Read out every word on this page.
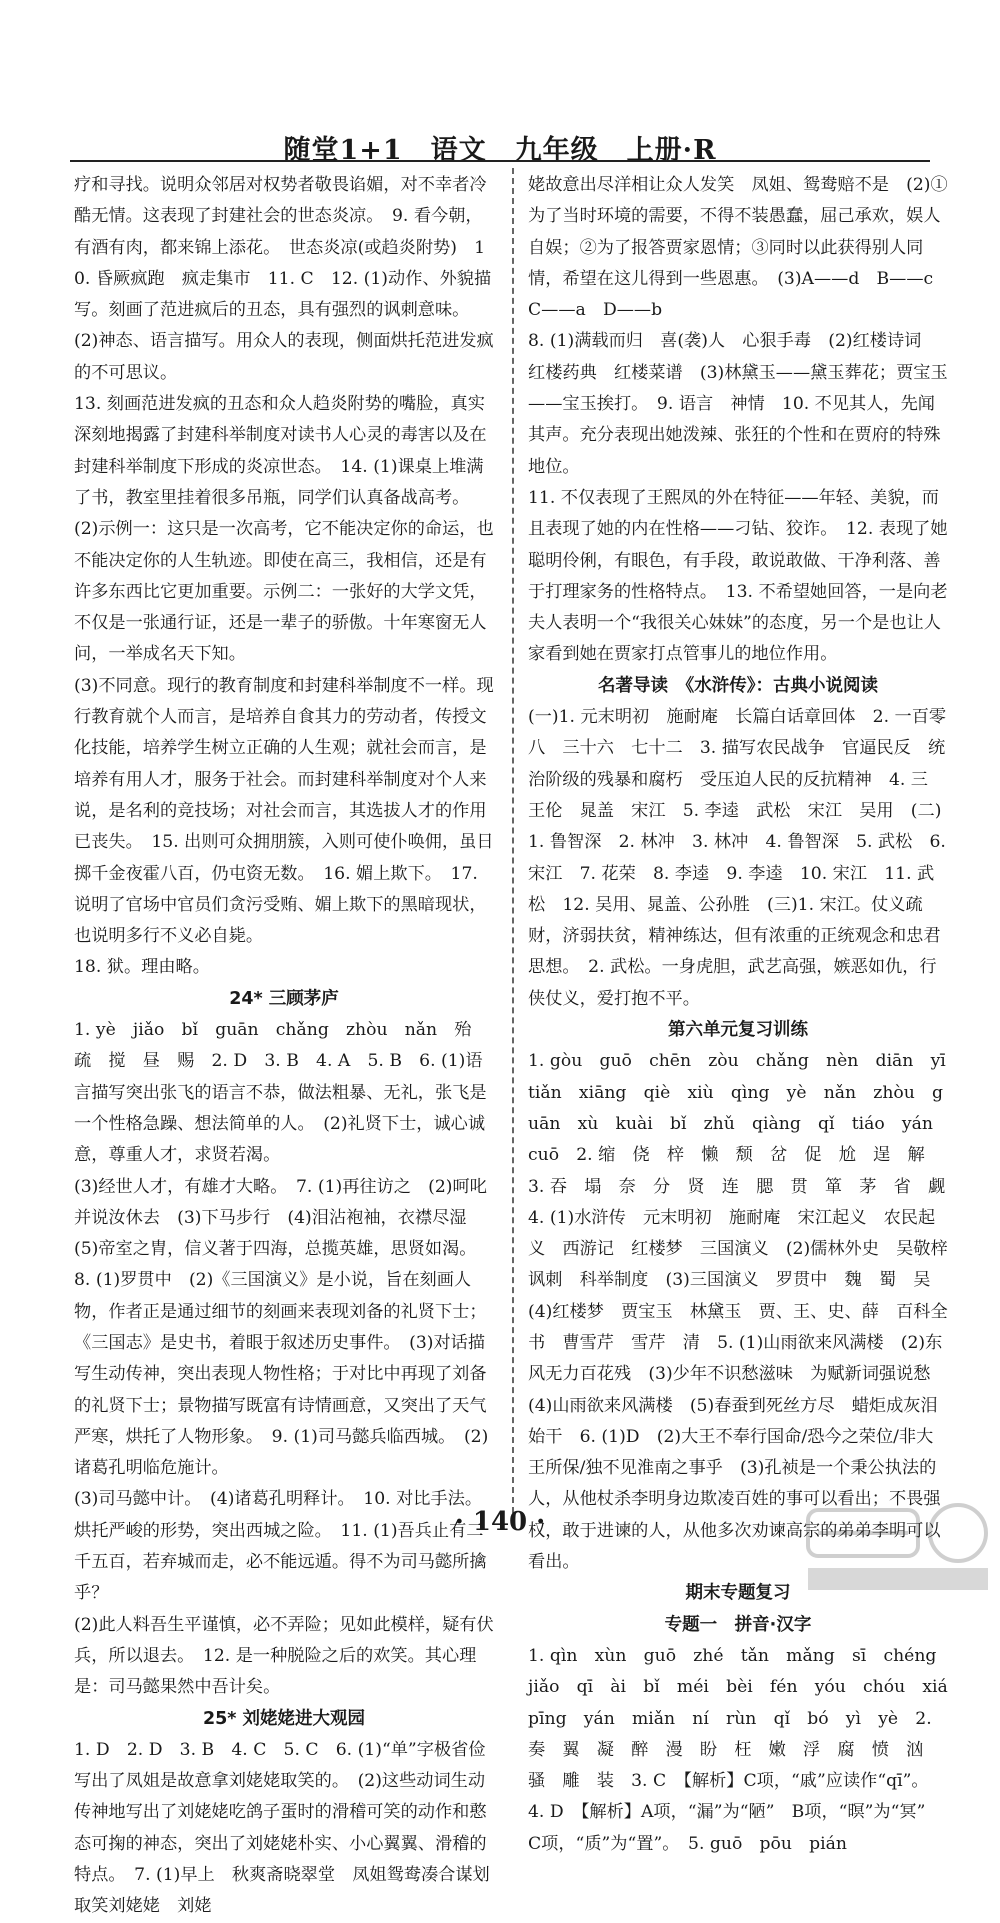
随堂1+1　语文　九年级　上册·R

疗和寻找。说明众邻居对权势者敬畏谄媚，对不幸者冷酷无情。这表现了封建社会的世态炎凉。　9. 看今朝，有酒有肉，都来锦上添花。　世态炎凉(或趋炎附势)　10. 昏厥疯跑　疯走集市　11. C　12. (1)动作、外貌描写。刻画了范进疯后的丑态，具有强烈的讽刺意味。　(2)神态、语言描写。用众人的表现，侧面烘托范进发疯的不可思议。

13. 刻画范进发疯的丑态和众人趋炎附势的嘴脸，真实深刻地揭露了封建科举制度对读书人心灵的毒害以及在封建科举制度下形成的炎凉世态。　14. (1)课桌上堆满了书，教室里挂着很多吊瓶，同学们认真备战高考。　(2)示例一：这只是一次高考，它不能决定你的命运，也不能决定你的人生轨迹。即使在高三，我相信，还是有许多东西比它更加重要。示例二：一张好的大学文凭，不仅是一张通行证，还是一辈子的骄傲。十年寒窗无人问，一举成名天下知。

(3)不同意。现行的教育制度和封建科举制度不一样。现行教育就个人而言，是培养自食其力的劳动者，传授文化技能，培养学生树立正确的人生观；就社会而言，是培养有用人才，服务于社会。而封建科举制度对个人来说，是名利的竞技场；对社会而言，其选拔人才的作用已丧失。　15. 出则可众拥朋簇，入则可使仆唤佣，虽日掷千金夜霍八百，仍屯资无数。　16. 媚上欺下。　17. 说明了官场中官员们贪污受贿、媚上欺下的黑暗现状，也说明多行不义必自毙。

18. 狱。理由略。

24* 三顾茅庐

1. yè　jiǎo　bǐ　guān　chǎng　zhòu　nǎn　殆　疏　搅　昼　赐　2. D　3. B　4. A　5. B　6. (1)语言描写突出张飞的语言不恭，做法粗暴、无礼，张飞是一个性格急躁、想法简单的人。　(2)礼贤下士，诚心诚意，尊重人才，求贤若渴。

(3)经世人才，有雄才大略。　7. (1)再往访之　(2)呵叱并说汝休去　(3)下马步行　(4)泪沾袍袖，衣襟尽湿　(5)帝室之胄，信义著于四海，总揽英雄，思贤如渴。

8. (1)罗贯中　(2)《三国演义》是小说，旨在刻画人物，作者正是通过细节的刻画来表现刘备的礼贤下士；《三国志》是史书，着眼于叙述历史事件。　(3)对话描写生动传神，突出表现人物性格；于对比中再现了刘备的礼贤下士；景物描写既富有诗情画意，又突出了天气严寒，烘托了人物形象。　9. (1)司马懿兵临西城。　(2)诸葛孔明临危施计。

(3)司马懿中计。　(4)诸葛孔明释计。　10. 对比手法。烘托严峻的形势，突出西城之险。　11. (1)吾兵止有二千五百，若弃城而走，必不能远遁。得不为司马懿所擒乎？

(2)此人料吾生平谨慎，必不弄险；见如此模样，疑有伏兵，所以退去。　12. 是一种脱险之后的欢笑。其心理是：司马懿果然中吾计矣。

25* 刘姥姥进大观园

1. D　2. D　3. B　4. C　5. C　6. (1)“单”字极省俭写出了凤姐是故意拿刘姥姥取笑的。　(2)这些动词生动传神地写出了刘姥姥吃鸽子蛋时的滑稽可笑的动作和憨态可掬的神态，突出了刘姥姥朴实、小心翼翼、滑稽的特点。　7. (1)早上　秋爽斋晓翠堂　凤姐鸳鸯凑合谋划取笑刘姥姥　刘姥

姥故意出尽洋相让众人发笑　凤姐、鸳鸯赔不是　(2)①为了当时环境的需要，不得不装愚蠢，屈己承欢，娱人自娱；②为了报答贾家恩情；③同时以此获得别人同情，希望在这儿得到一些恩惠。　(3)A——d　B——c　C——a　D——b

8. (1)满载而归　喜(袭)人　心狠手毒　(2)红楼诗词　红楼药典　红楼菜谱　(3)林黛玉——黛玉葬花；贾宝玉——宝玉挨打。　9. 语言　神情　10. 不见其人，先闻其声。充分表现出她泼辣、张狂的个性和在贾府的特殊地位。

11. 不仅表现了王熙凤的外在特征——年轻、美貌，而且表现了她的内在性格——刁钻、狡诈。　12. 表现了她聪明伶俐，有眼色，有手段，敢说敢做、干净利落、善于打理家务的性格特点。　13. 不希望她回答，一是向老夫人表明一个“我很关心妹妹”的态度，另一个是也让人家看到她在贾家打点管事儿的地位作用。

名著导读　《水浒传》：古典小说阅读

(一)1. 元末明初　施耐庵　长篇白话章回体　2. 一百零八　三十六　七十二　3. 描写农民战争　官逼民反　统治阶级的残暴和腐朽　受压迫人民的反抗精神　4. 三　王伦　晁盖　宋江　5. 李逵　武松　宋江　吴用　(二)1. 鲁智深　2. 林冲　3. 林冲　4. 鲁智深　5. 武松　6. 宋江　7. 花荣　8. 李逵　9. 李逵　10. 宋江　11. 武松　12. 吴用、晁盖、公孙胜　(三)1. 宋江。仗义疏财，济弱扶贫，精神练达，但有浓重的正统观念和忠君思想。　2. 武松。一身虎胆，武艺高强，嫉恶如仇，行侠仗义，爱打抱不平。

第六单元复习训练

1. gòu　guō　chēn　zòu　chǎng　nèn　diān　yī　tiǎn　xiāng　qiè　xiù　qìng　yè　nǎn　zhòu　guān　xù　kuài　bǐ　zhǔ　qiàng　qǐ　tiáo　yán　cuō　2. 缩　侥　梓　懒　颓　岔　促　尬　逞　解　3. 吞　塌　奈　分　贤　连　腮　贯　箪　茅　省　觑　4. (1)水浒传　元末明初　施耐庵　宋江起义　农民起义　西游记　红楼梦　三国演义　(2)儒林外史　吴敬梓　讽刺　科举制度　(3)三国演义　罗贯中　魏　蜀　吴　(4)红楼梦　贾宝玉　林黛玉　贾、王、史、薛　百科全书　曹雪芹　雪芹　清　5. (1)山雨欲来风满楼　(2)东风无力百花残　(3)少年不识愁滋味　为赋新词强说愁　(4)山雨欲来风满楼　(5)春蚕到死丝方尽　蜡炬成灰泪始干　6. (1)D　(2)大王不奉行国命/恐今之荣位/非大王所保/独不见淮南之事乎　(3)孔祯是一个秉公执法的人，从他杖杀李明身边欺凌百姓的事可以看出；不畏强权，敢于进谏的人，从他多次劝谏高宗的弟弟李明可以看出。

期末专题复习

专题一　拼音·汉字

1. qìn　xùn　guō　zhé　tǎn　mǎng　sī　chéng　jiǎo　qī　ài　bǐ　méi　bèi　fén　yóu　chóu　xiá　pīng　yán　miǎn　ní　rùn　qǐ　bó　yì　yè　2. 奏　翼　凝　醉　漫　盼　枉　嫩　浮　腐　愤　汹　骚　雕　装　3. C　【解析】C项，“戚”应读作“qī”。　4. D　【解析】A项，“漏”为“陋”　B项，“暝”为“冥”　C项，“质”为“置”。　5. guō　pōu　pián

· 140 ·
